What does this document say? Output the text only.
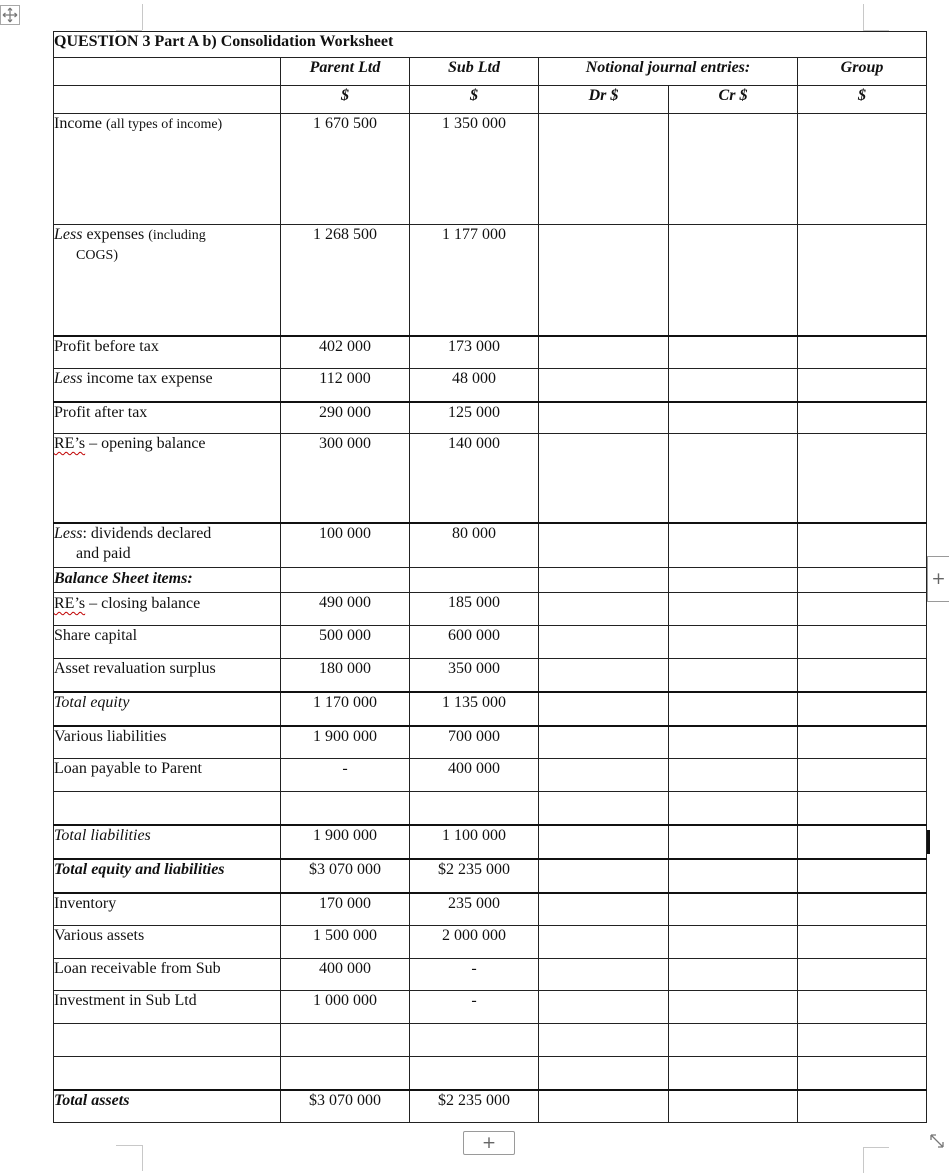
QUESTION 3 Part A b) Consolidation Worksheet					
	Parent Ltd	Sub Ltd	Notional journal entries:		Group
	$	$	Dr $	Cr $	$
Income (all types of income)	1 670 500	1 350 000			
Less expenses (including
COGS)	1 268 500	1 177 000			
Profit before tax	402 000	173 000			
Less income tax expense	112 000	48 000			
Profit after tax	290 000	125 000			
RE’s – opening balance	300 000	140 000			
Less: dividends declared
and paid	100 000	80 000			
Balance Sheet items:					
RE’s – closing balance	490 000	185 000			
Share capital	500 000	600 000			
Asset revaluation surplus	180 000	350 000			
Total equity	1 170 000	1 135 000			
Various liabilities	1 900 000	700 000			
Loan payable to Parent	-	400 000			

Total liabilities	1 900 000	1 100 000			
Total equity and liabilities	$3 070 000	$2 235 000			
Inventory	170 000	235 000			
Various assets	1 500 000	2 000 000			
Loan receivable from Sub	400 000	-			
Investment in Sub Ltd	1 000 000	-			

Total assets	$3 070 000	$2 235 000			
+
+
